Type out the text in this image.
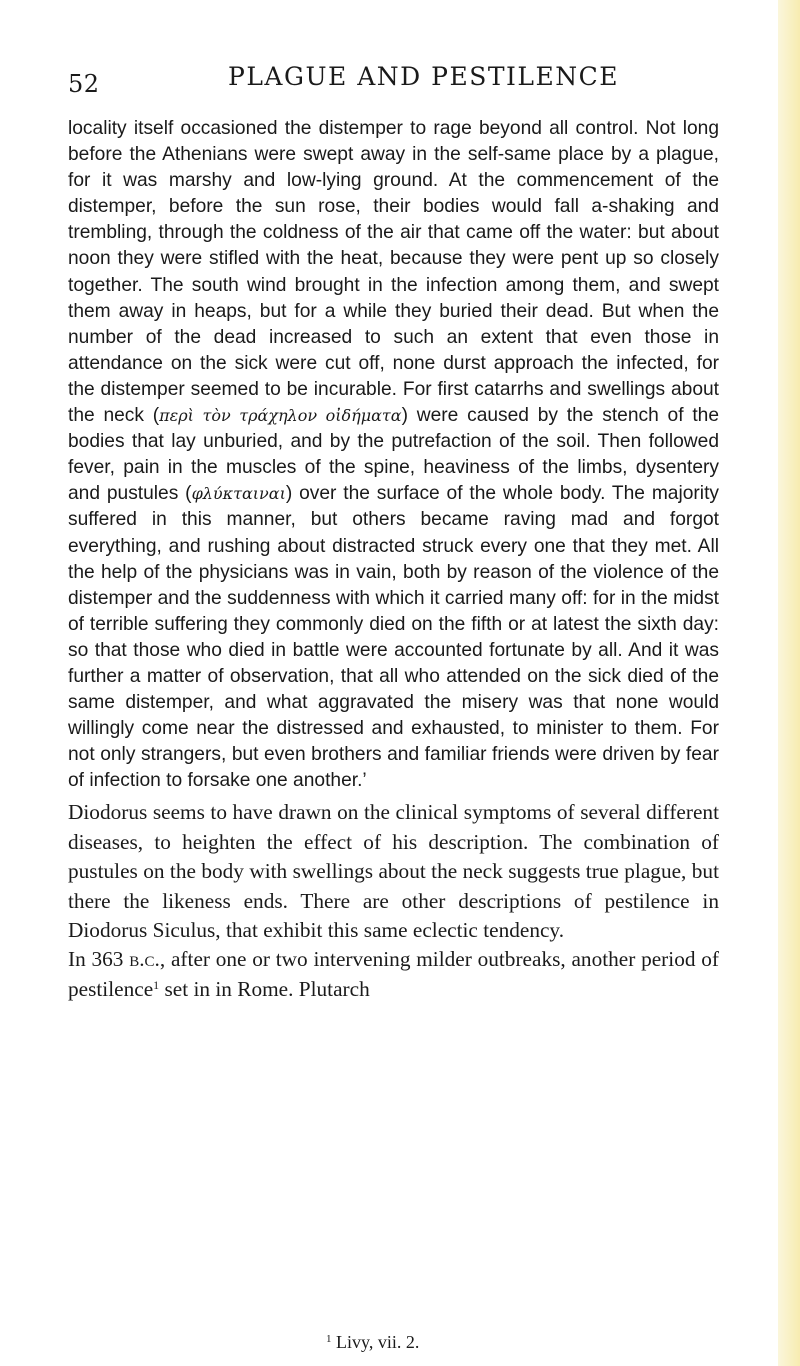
52	PLAGUE AND PESTILENCE

locality itself occasioned the distemper to rage beyond all control. Not long before the Athenians were swept away in the self-same place by a plague, for it was marshy and low-lying ground. At the commencement of the distemper, before the sun rose, their bodies would fall a-shaking and trembling, through the coldness of the air that came off the water: but about noon they were stifled with the heat, because they were pent up so closely together. The south wind brought in the infection among them, and swept them away in heaps, but for a while they buried their dead. But when the number of the dead increased to such an extent that even those in attendance on the sick were cut off, none durst approach the infected, for the distemper seemed to be incurable. For first catarrhs and swellings about the neck (περὶ τὸν τράχηλον οἰδήματα) were caused by the stench of the bodies that lay unburied, and by the putrefaction of the soil. Then followed fever, pain in the muscles of the spine, heaviness of the limbs, dysentery and pustules (φλύκταιναι) over the surface of the whole body. The majority suffered in this manner, but others became raving mad and forgot everything, and rushing about distracted struck every one that they met. All the help of the physicians was in vain, both by reason of the violence of the distemper and the suddenness with which it carried many off: for in the midst of terrible suffering they commonly died on the fifth or at latest the sixth day: so that those who died in battle were accounted fortunate by all. And it was further a matter of observation, that all who attended on the sick died of the same distemper, and what aggravated the misery was that none would willingly come near the distressed and exhausted, to minister to them. For not only strangers, but even brothers and familiar friends were driven by fear of infection to forsake one another.’

Diodorus seems to have drawn on the clinical symptoms of several different diseases, to heighten the effect of his description. The combination of pustules on the body with swellings about the neck suggests true plague, but there the likeness ends. There are other descriptions of pestilence in Diodorus Siculus, that exhibit this same eclectic tendency.

In 363 b.c., after one or two intervening milder outbreaks, another period of pestilence$^1$ set in in Rome. Plutarch

$^1$ Livy, vii. 2.
